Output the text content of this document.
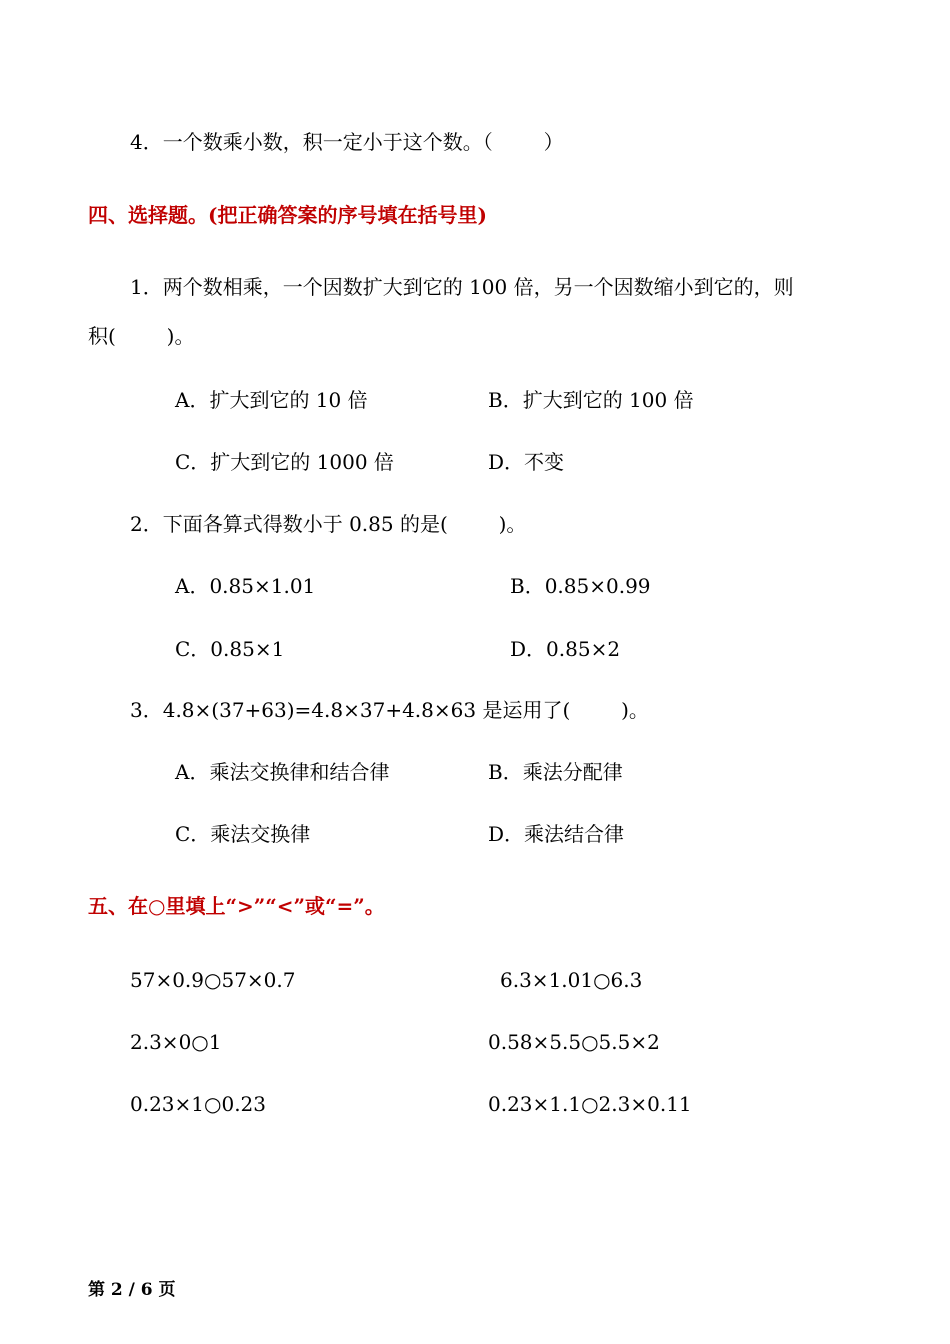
4．一个数乘小数，积一定小于这个数。（        ）
四、选择题。(把正确答案的序号填在括号里)
1．两个数相乘，一个因数扩大到它的 100 倍，另一个因数缩小到它的，则
积(        )。
A．扩大到它的 10 倍	B．扩大到它的 100 倍
C．扩大到它的 1000 倍	D．不变
2．下面各算式得数小于 0.85 的是(        )。
A．0.85×1.01	B．0.85×0.99
C．0.85×1	D．0.85×2
3．4.8×(37+63)=4.8×37+4.8×63 是运用了(        )。
A．乘法交换律和结合律	B．乘法分配律
C．乘法交换律	D．乘法结合律
五、在○里填上“>”“<”或“=”。
57×0.9○57×0.7	6.3×1.01○6.3
2.3×0○1	0.58×5.5○5.5×2
0.23×1○0.23	0.23×1.1○2.3×0.11
第 2 / 6 页
